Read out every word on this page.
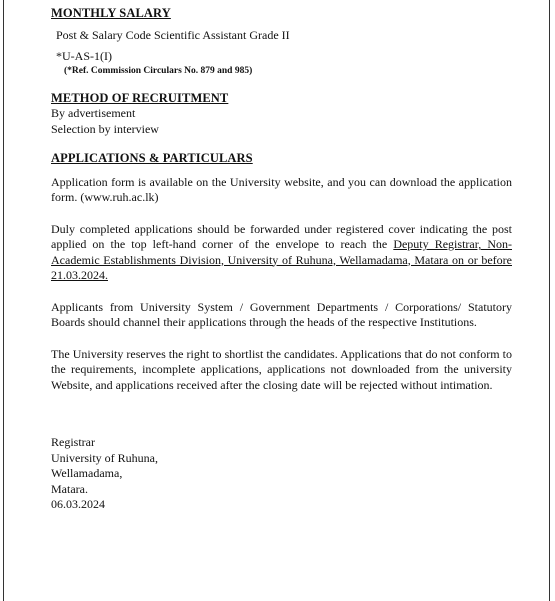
MONTHLY SALARY
Post & Salary Code Scientific Assistant Grade II
*U-AS-1(I)
(*Ref. Commission Circulars No. 879 and 985)
METHOD OF RECRUITMENT
By advertisement
Selection by interview
APPLICATIONS & PARTICULARS

Application form is available on the University website, and you can download the application form. (www.ruh.ac.lk)

Duly completed applications should be forwarded under registered cover indicating the post applied on the top left-hand corner of the envelope to reach the Deputy Registrar, Non-Academic Establishments Division, University of Ruhuna, Wellamadama, Matara on or before 21.03.2024.

Applicants from University System / Government Departments / Corporations/ Statutory Boards should channel their applications through the heads of the respective Institutions.

The University reserves the right to shortlist the candidates. Applications that do not conform to the requirements, incomplete applications, applications not downloaded from the university Website, and applications received after the closing date will be rejected without intimation.

Registrar
University of Ruhuna,
Wellamadama,
Matara.
06.03.2024
